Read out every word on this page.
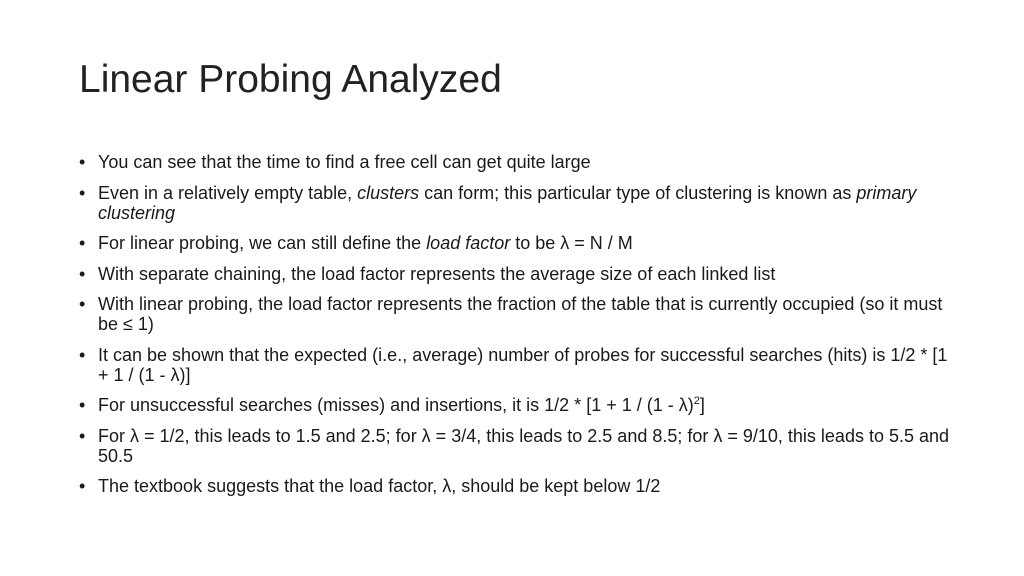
Linear Probing Analyzed
• You can see that the time to find a free cell can get quite large
• Even in a relatively empty table, clusters can form; this particular type of clustering is known as primary clustering
• For linear probing, we can still define the load factor to be λ = N / M
• With separate chaining, the load factor represents the average size of each linked list
• With linear probing, the load factor represents the fraction of the table that is currently occupied (so it must be ≤ 1)
• It can be shown that the expected (i.e., average) number of probes for successful searches (hits) is 1/2 * [1 + 1 / (1 - λ)]
• For unsuccessful searches (misses) and insertions, it is 1/2 * [1 + 1 / (1 - λ)$^2$]
• For λ = 1/2, this leads to 1.5 and 2.5; for λ = 3/4, this leads to 2.5 and 8.5; for λ = 9/10, this leads to 5.5 and 50.5
• The textbook suggests that the load factor, λ, should be kept below 1/2
